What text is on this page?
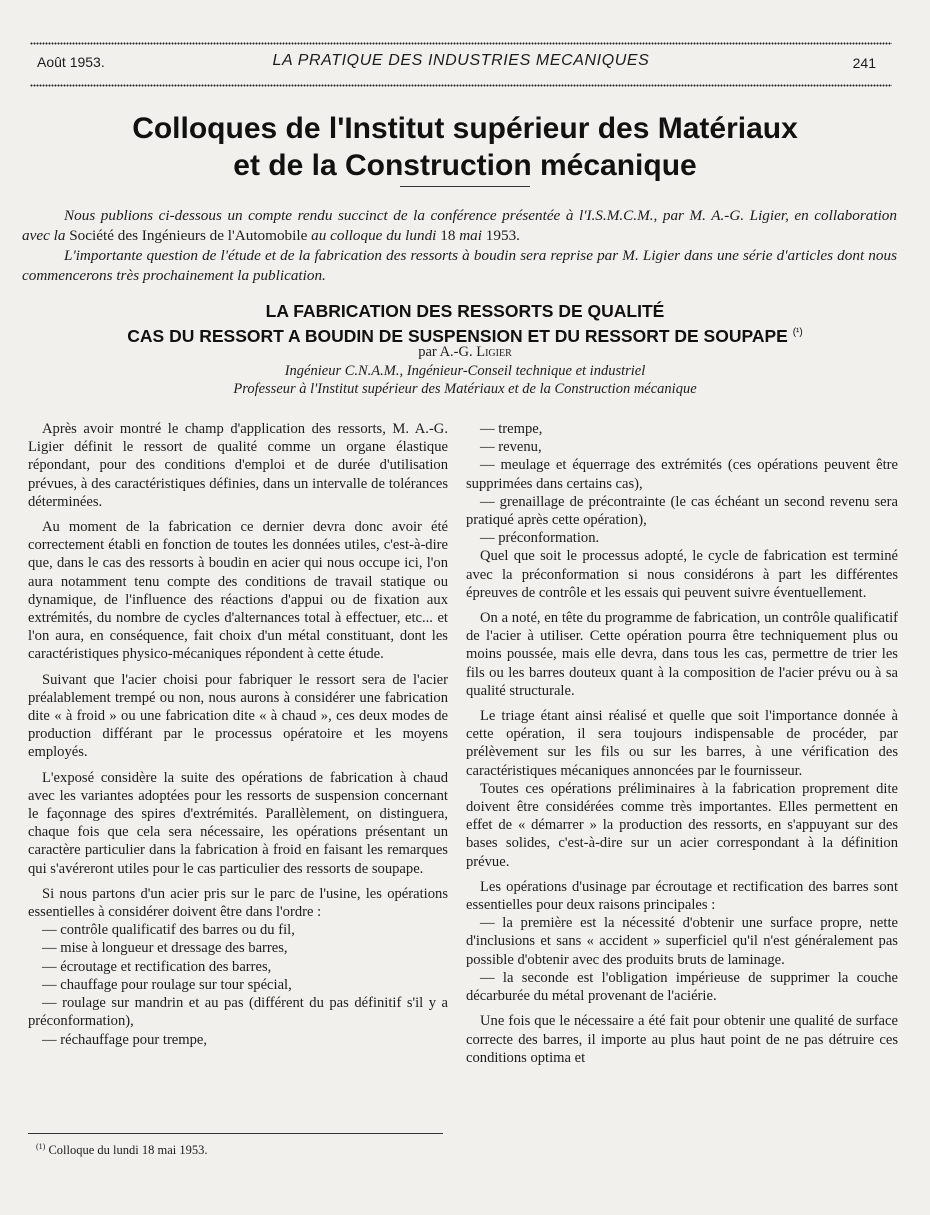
Août 1953.	LA PRATIQUE DES INDUSTRIES MECANIQUES	241
Colloques de l'Institut supérieur des Matériaux
et de la Construction mécanique

Nous publions ci-dessous un compte rendu succinct de la conférence présentée à l'I.S.M.C.M., par M. A.-G. Ligier, en collaboration avec la Société des Ingénieurs de l'Automobile au colloque du lundi 18 mai 1953.

L'importante question de l'étude et de la fabrication des ressorts à boudin sera reprise par M. Ligier dans une série d'articles dont nous commencerons très prochainement la publication.

LA FABRICATION DES RESSORTS DE QUALITÉ
CAS DU RESSORT A BOUDIN DE SUSPENSION ET DU RESSORT DE SOUPAPE $^{(^1)}$
par A.-G. Ligier
Ingénieur C.N.A.M., Ingénieur-Conseil technique et industriel
Professeur à l'Institut supérieur des Matériaux et de la Construction mécanique

Après avoir montré le champ d'application des ressorts, M. A.-G. Ligier définit le ressort de qualité comme un organe élastique répondant, pour des conditions d'emploi et de durée d'utilisation prévues, à des caractéristiques définies, dans un intervalle de tolérances déterminées.

Au moment de la fabrication ce dernier devra donc avoir été correctement établi en fonction de toutes les données utiles, c'est-à-dire que, dans le cas des ressorts à boudin en acier qui nous occupe ici, l'on aura notamment tenu compte des conditions de travail statique ou dynamique, de l'influence des réactions d'appui ou de fixation aux extrémités, du nombre de cycles d'alternances total à effectuer, etc... et l'on aura, en conséquence, fait choix d'un métal constituant, dont les caractéristiques physico-mécaniques répondent à cette étude.

Suivant que l'acier choisi pour fabriquer le ressort sera de l'acier préalablement trempé ou non, nous aurons à considérer une fabrication dite « à froid » ou une fabrication dite « à chaud », ces deux modes de production différant par le processus opératoire et les moyens employés.

L'exposé considère la suite des opérations de fabrication à chaud avec les variantes adoptées pour les ressorts de suspension concernant le façonnage des spires d'extrémités. Parallèlement, on distinguera, chaque fois que cela sera nécessaire, les opérations présentant un caractère particulier dans la fabrication à froid en faisant les remarques qui s'avéreront utiles pour le cas particulier des ressorts de soupape.

Si nous partons d'un acier pris sur le parc de l'usine, les opérations essentielles à considérer doivent être dans l'ordre :

— contrôle qualificatif des barres ou du fil,
— mise à longueur et dressage des barres,
— écroutage et rectification des barres,
— chauffage pour roulage sur tour spécial,
— roulage sur mandrin et au pas (différent du pas définitif s'il y a préconformation),
— réchauffage pour trempe,
— trempe,
— revenu,
— meulage et équerrage des extrémités (ces opérations peuvent être supprimées dans certains cas),
— grenaillage de précontrainte (le cas échéant un second revenu sera pratiqué après cette opération),
— préconformation.

Quel que soit le processus adopté, le cycle de fabrication est terminé avec la préconformation si nous considérons à part les différentes épreuves de contrôle et les essais qui peuvent suivre éventuellement.

On a noté, en tête du programme de fabrication, un contrôle qualificatif de l'acier à utiliser. Cette opération pourra être techniquement plus ou moins poussée, mais elle devra, dans tous les cas, permettre de trier les fils ou les barres douteux quant à la composition de l'acier prévu ou à sa qualité structurale.

Le triage étant ainsi réalisé et quelle que soit l'importance donnée à cette opération, il sera toujours indispensable de procéder, par prélèvement sur les fils ou sur les barres, à une vérification des caractéristiques mécaniques annoncées par le fournisseur.

Toutes ces opérations préliminaires à la fabrication proprement dite doivent être considérées comme très importantes. Elles permettent en effet de « démarrer » la production des ressorts, en s'appuyant sur des bases solides, c'est-à-dire sur un acier correspondant à la définition prévue.

Les opérations d'usinage par écroutage et rectification des barres sont essentielles pour deux raisons principales :

— la première est la nécessité d'obtenir une surface propre, nette d'inclusions et sans « accident » superficiel qu'il n'est généralement pas possible d'obtenir avec des produits bruts de laminage.
— la seconde est l'obligation impérieuse de supprimer la couche décarburée du métal provenant de l'aciérie.

Une fois que le nécessaire a été fait pour obtenir une qualité de surface correcte des barres, il importe au plus haut point de ne pas détruire ces conditions optima et

$^{(1)}$ Colloque du lundi 18 mai 1953.
